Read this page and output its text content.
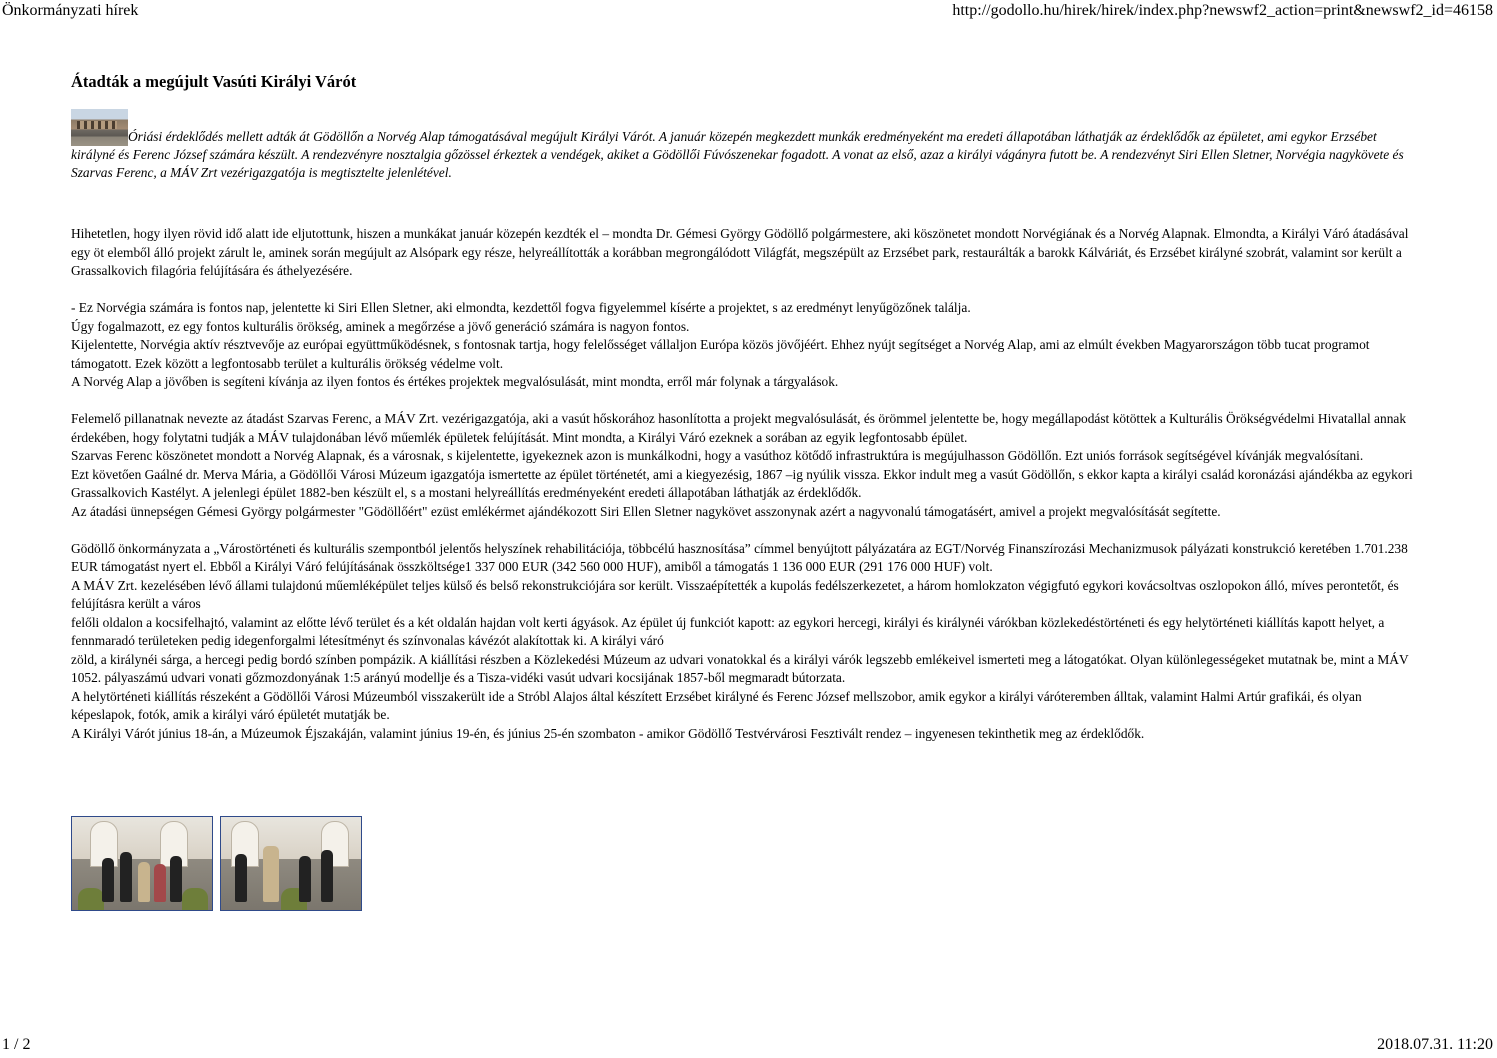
Önkormányzati hírek	http://godollo.hu/hirek/hirek/index.php?newswf2_action=print&newswf2_id=46158
Átadták a megújult Vasúti Királyi Várót
Óriási érdeklődés mellett adták át Gödöllőn a Norvég Alap támogatásával megújult Királyi Várót. A január közepén megkezdett munkák eredményeként ma eredeti állapotában láthatják az érdeklődők az épületet, ami egykor Erzsébet királyné és Ferenc József számára készült. A rendezvényre nosztalgia gőzössel érkeztek a vendégek, akiket a Gödöllői Fúvószenekar fogadott. A vonat az első, azaz a királyi vágányra futott be. A rendezvényt Siri Ellen Sletner, Norvégia nagykövete és Szarvas Ferenc, a MÁV Zrt vezérigazgatója is megtisztelte jelenlétével.

Hihetetlen, hogy ilyen rövid idő alatt ide eljutottunk, hiszen a munkákat január közepén kezdték el – mondta Dr. Gémesi György Gödöllő polgármestere, aki köszönetet mondott Norvégiának és a Norvég Alapnak. Elmondta, a Királyi Váró átadásával egy öt elemből álló projekt zárult le, aminek során megújult az Alsópark egy része, helyreállították a korábban megrongálódott Világfát, megszépült az Erzsébet park, restaurálták a barokk Kálváriát, és Erzsébet királyné szobrát, valamint sor került a Grassalkovich filagória felújítására és áthelyezésére.

- Ez Norvégia számára is fontos nap, jelentette ki Siri Ellen Sletner, aki elmondta, kezdettől fogva figyelemmel kísérte a projektet, s az eredményt lenyűgözőnek találja.

Úgy fogalmazott, ez egy fontos kulturális örökség, aminek a megőrzése a jövő generáció számára is nagyon fontos.

Kijelentette, Norvégia aktív résztvevője az európai együttműködésnek, s fontosnak tartja, hogy felelősséget vállaljon Európa közös jövőjéért. Ehhez nyújt segítséget a Norvég Alap, ami az elmúlt években Magyarországon több tucat programot támogatott. Ezek között a legfontosabb terület a kulturális örökség védelme volt.

A Norvég Alap a jövőben is segíteni kívánja az ilyen fontos és értékes projektek megvalósulását, mint mondta, erről már folynak a tárgyalások.

Felemelő pillanatnak nevezte az átadást Szarvas Ferenc, a MÁV Zrt. vezérigazgatója, aki a vasút hőskorához hasonlította a projekt megvalósulását, és örömmel jelentette be, hogy megállapodást kötöttek a Kulturális Örökségvédelmi Hivatallal annak érdekében, hogy folytatni tudják a MÁV tulajdonában lévő műemlék épületek felújítását. Mint mondta, a Királyi Váró ezeknek a sorában az egyik legfontosabb épület.

Szarvas Ferenc köszönetet mondott a Norvég Alapnak, és a városnak, s kijelentette, igyekeznek azon is munkálkodni, hogy a vasúthoz kötődő infrastruktúra is megújulhasson Gödöllőn. Ezt uniós források segítségével kívánják megvalósítani.

Ezt követően Gaálné dr. Merva Mária, a Gödöllői Városi Múzeum igazgatója ismertette az épület történetét, ami a kiegyezésig, 1867 –ig nyúlik vissza. Ekkor indult meg a vasút Gödöllőn, s ekkor kapta a királyi család koronázási ajándékba az egykori Grassalkovich Kastélyt. A jelenlegi épület 1882-ben készült el, s a mostani helyreállítás eredményeként eredeti állapotában láthatják az érdeklődők.

Az átadási ünnepségen Gémesi György polgármester "Gödöllőért" ezüst emlékérmet ajándékozott Siri Ellen Sletner nagykövet asszonynak azért a nagyvonalú támogatásért, amivel a projekt megvalósítását segítette.

Gödöllő önkormányzata a „Várostörténeti és kulturális szempontból jelentős helyszínek rehabilitációja, többcélú hasznosítása” címmel benyújtott pályázatára az EGT/Norvég Finanszírozási Mechanizmusok pályázati konstrukció keretében 1.701.238 EUR támogatást nyert el. Ebből a Királyi Váró felújításának összköltsége1 337 000 EUR (342 560 000 HUF), amiből a támogatás 1 136 000 EUR (291 176 000 HUF) volt.

A MÁV Zrt. kezelésében lévő állami tulajdonú műemléképület teljes külső és belső rekonstrukciójára sor került. Visszaépítették a kupolás fedélszerkezetet, a három homlokzaton végigfutó egykori kovácsoltvas oszlopokon álló, míves perontetőt, és felújításra került a város

felőli oldalon a kocsifelhajtó, valamint az előtte lévő terület és a két oldalán hajdan volt kerti ágyások. Az épület új funkciót kapott: az egykori hercegi, királyi és királynéi várókban közlekedéstörténeti és egy helytörténeti kiállítás kapott helyet, a fennmaradó területeken pedig idegenforgalmi létesítményt és színvonalas kávézót alakítottak ki. A királyi váró

zöld, a királynéi sárga, a hercegi pedig bordó színben pompázik. A kiállítási részben a Közlekedési Múzeum az udvari vonatokkal és a királyi várók legszebb emlékeivel ismerteti meg a látogatókat. Olyan különlegességeket mutatnak be, mint a MÁV 1052. pályaszámú udvari vonati gőzmozdonyának 1:5 arányú modellje és a Tisza-vidéki vasút udvari kocsijának 1857-ből megmaradt bútorzata.

A helytörténeti kiállítás részeként a Gödöllői Városi Múzeumból visszakerült ide a Stróbl Alajos által készített Erzsébet királyné és Ferenc József mellszobor, amik egykor a királyi váróteremben álltak, valamint Halmi Artúr grafikái, és olyan képeslapok, fotók, amik a királyi váró épületét mutatják be.

A Királyi Várót június 18-án, a Múzeumok Éjszakáján, valamint június 19-én, és június 25-én szombaton - amikor Gödöllő Testvérvárosi Fesztivált rendez – ingyenesen tekinthetik meg az érdeklődők.

1 / 2	2018.07.31. 11:20
